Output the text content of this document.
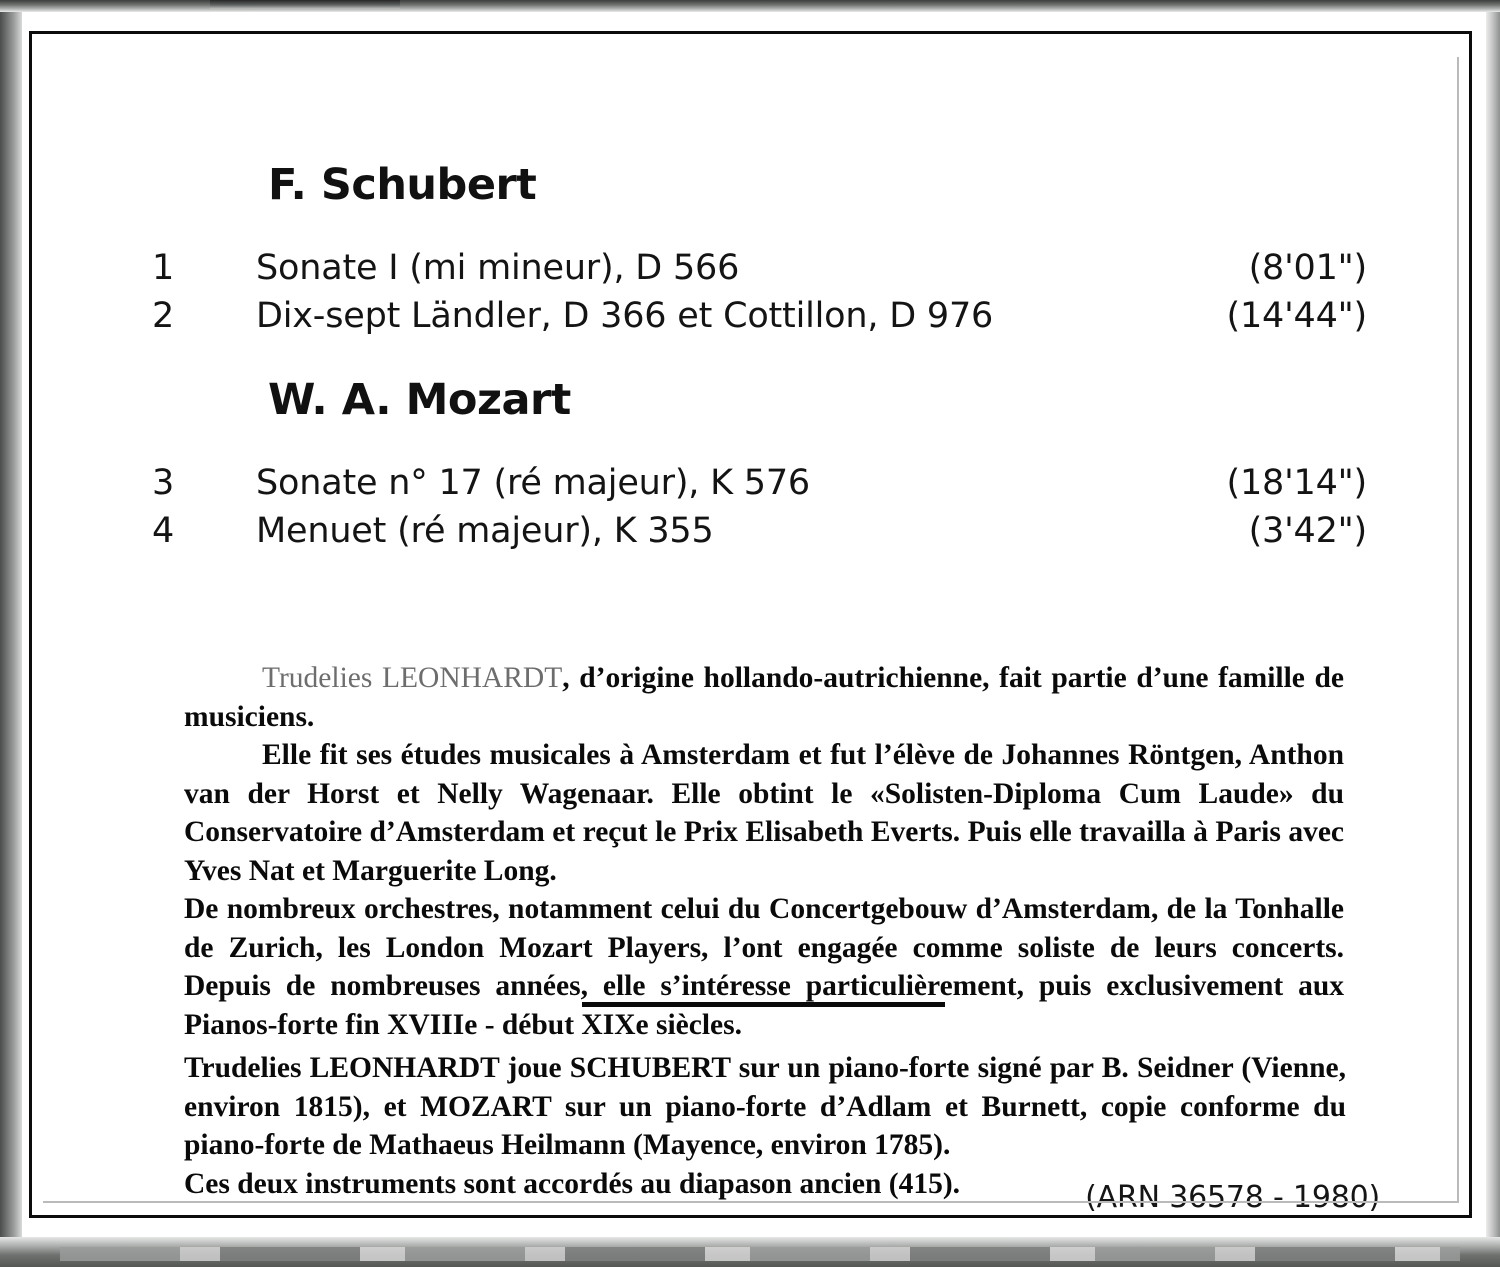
F. Schubert
1	Sonate I (mi mineur), D 566	(8'01")
2	Dix-sept Ländler, D 366 et Cottillon, D 976	(14'44")
W. A. Mozart
3	Sonate n° 17 (ré majeur), K 576	(18'14")
4	Menuet (ré majeur), K 355	(3'42")

Trudelies LEONHARDT, d’origine hollando-autrichienne, fait partie d’une famille de musiciens.

Elle fit ses études musicales à Amsterdam et fut l’élève de Johannes Röntgen, Anthon van der Horst et Nelly Wagenaar. Elle obtint le «Solisten-Diploma Cum Laude» du Conservatoire d’Amsterdam et reçut le Prix Elisabeth Everts. Puis elle travailla à Paris avec Yves Nat et Marguerite Long.

De nombreux orchestres, notamment celui du Concertgebouw d’Amsterdam, de la Tonhalle de Zurich, les London Mozart Players, l’ont engagée comme soliste de leurs concerts. Depuis de nombreuses années, elle s’intéresse particulièrement, puis exclusivement aux Pianos-forte fin XVIIIe - début XIXe siècles.

Trudelies LEONHARDT joue SCHUBERT sur un piano-forte signé par B. Seidner (Vienne, environ 1815), et MOZART sur un piano-forte d’Adlam et Burnett, copie conforme du piano-forte de Mathaeus Heilmann (Mayence, environ 1785).

Ces deux instruments sont accordés au diapason ancien (415).	(ARN 36578 - 1980)
